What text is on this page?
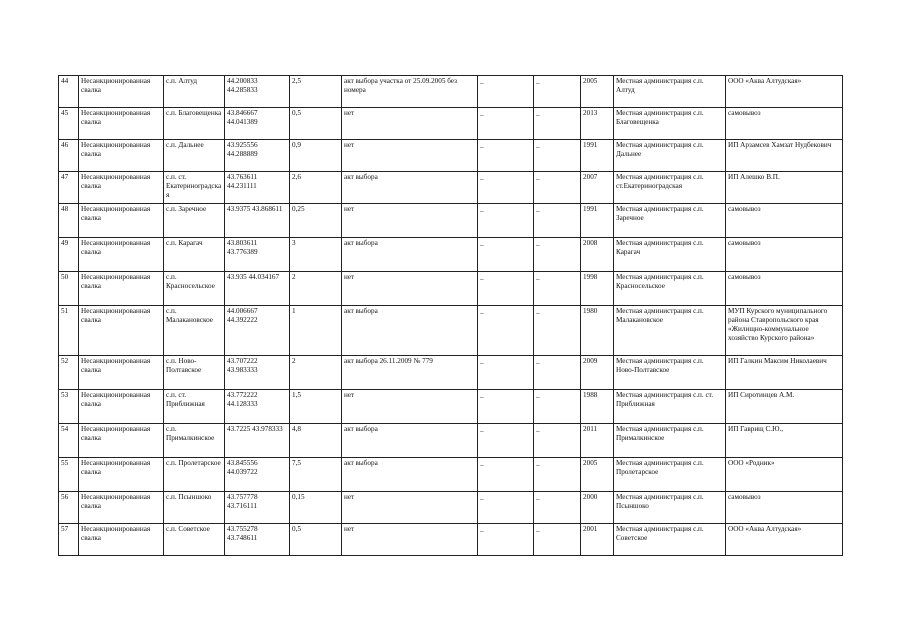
44	Несанкционированная свалка	с.п. Алтуд	44.200833 44.285833	2,5	акт выбора участка от 25.09.2005 без номера	_	_	2005	Местная администрация с.п. Алтуд	ООО «Аква Алтудская»
45	Несанкционированная свалка	с.п. Благовещенка	43.846667 44.041389	0,5	нет	_	_	2013	Местная администрация с.п. Благовещенка	самовывоз
46	Несанкционированная свалка	с.п. Дальнее	43.925556 44.288889	0,9	нет	_	_	1991	Местная администрация с.п. Дальнее	ИП Арзамсев Хамзат Нудбекович
47	Несанкционированная свалка	с.п. ст. Екатериноградская	43.763611 44.231111	2,6	акт выбора	_	_	2007	Местная администрация с.п. ст.Екатериноградская	ИП Алешко В.П.
48	Несанкционированная свалка	с.п. Заречное	43.9375 43.868611	0,25	нет	_	_	1991	Местная администрация с.п. Заречное	самовывоз
49	Несанкционированная свалка	с.п. Карагач	43.803611 43.776389	3	акт выбора	_	_	2008	Местная администрация с.п. Карагач	самовывоз
50	Несанкционированная свалка	с.п. Красносельское	43.935 44.034167	2	нет	_	_	1998	Местная администрация с.п. Красносельское	самовывоз
51	Несанкционированная свалка	с.п. Малакановское	44.006667 44.392222	1	акт выбора	_	_	1980	Местная администрация с.п. Малакановское	МУП Курского муниципального района Ставропольского края «Жилищно-коммунальное хозяйство Курского района»
52	Несанкционированная свалка	с.п. Ново-Полтавское	43.707222 43.983333	2	акт выбора 26.11.2009 № 779	_	_	2009	Местная администрация с.п. Ново-Полтавское	ИП Галкин Максим Николаевич
53	Несанкционированная свалка	с.п. ст. Приближная	43.772222 44.128333	1,5	нет	_	_	1988	Местная администрация с.п. ст. Приближная	ИП Сиротинцев А.М.
54	Несанкционированная свалка	с.п. Прималкинское	43.7225 43.978333	4,8	акт выбора	_	_	2011	Местная администрация с.п. Прималкинское	ИП Гаврищ С.Ю.,
55	Несанкционированная свалка	с.п. Пролетарское	43.845556 44.039722	7,5	акт выбора	_	_	2005	Местная администрация с.п. Пролетарское	ООО «Родник»
56	Несанкционированная свалка	с.п. Псыншоко	43.757778 43.716111	0,15	нет	_	_	2000	Местная администрация с.п. Псыншоко	самовывоз
57	Несанкционированная свалка	с.п. Советское	43.755278 43.748611	0,5	нет	_	_	2001	Местная администрация с.п. Советское	ООО «Аква Алтудская»
